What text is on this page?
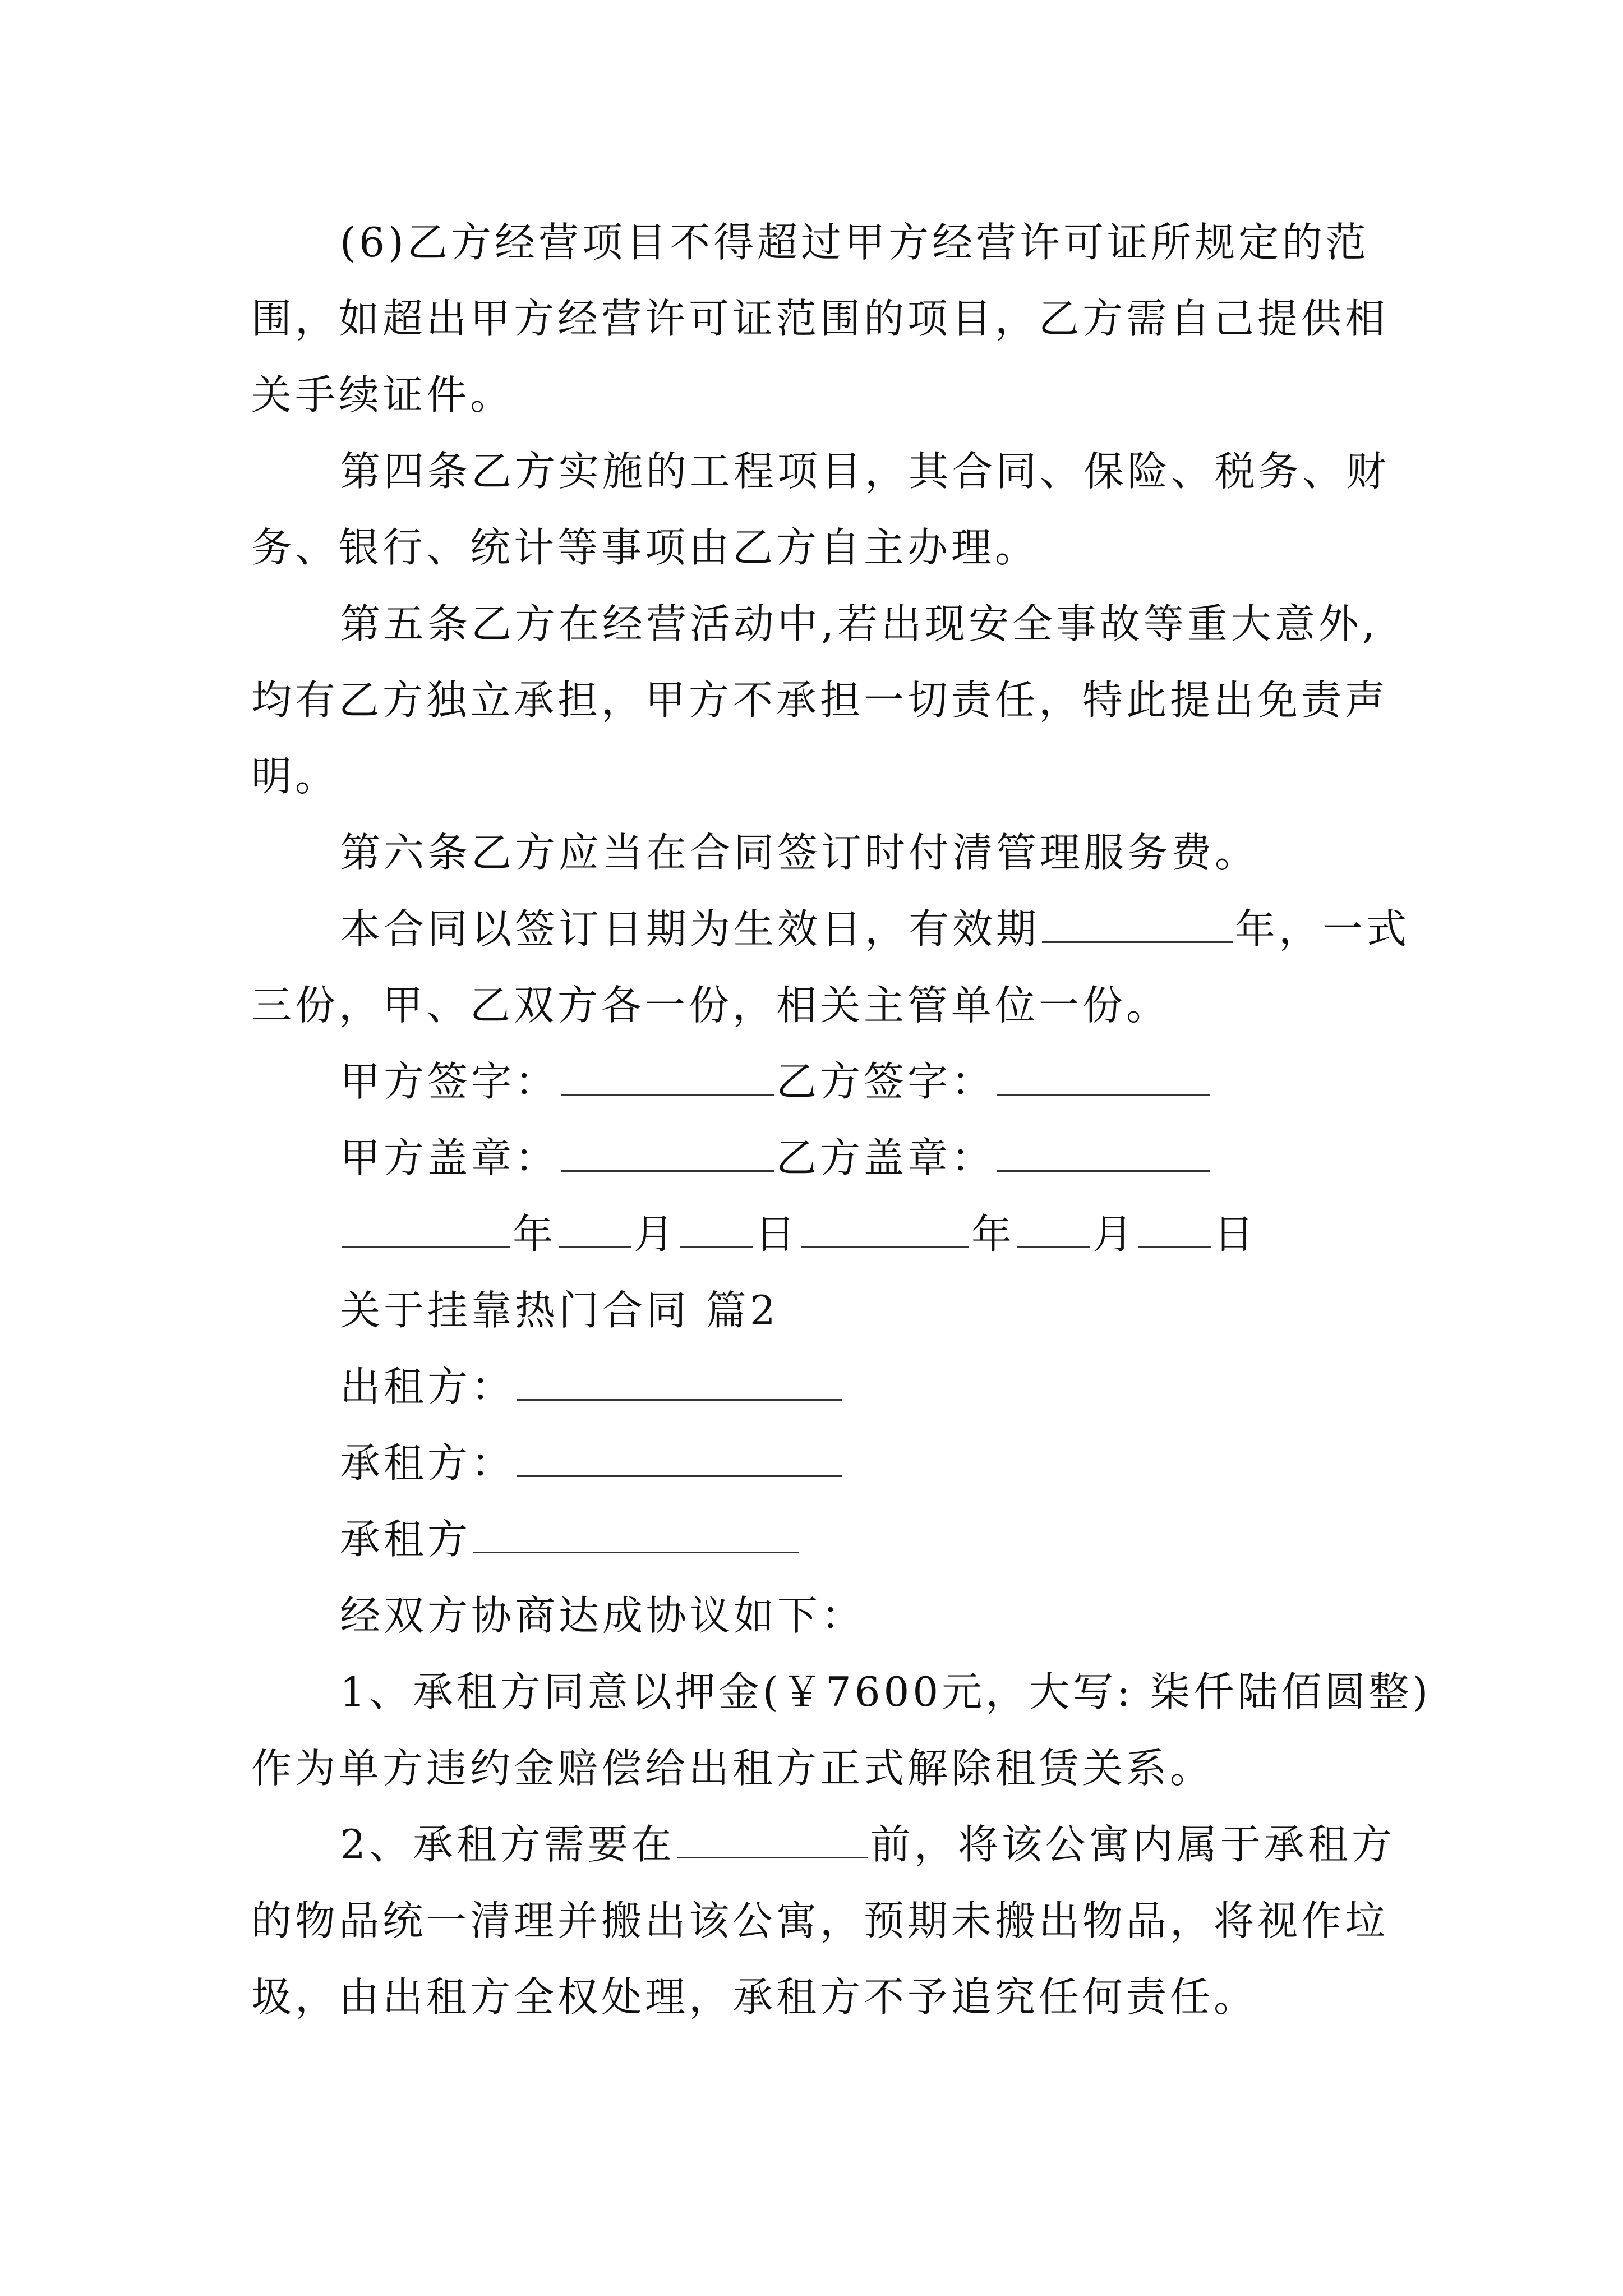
(6)乙方经营项目不得超过甲方经营许可证所规定的范
围，如超出甲方经营许可证范围的项目，乙方需自己提供相
关手续证件。
第四条乙方实施的工程项目，其合同、保险、税务、财
务、银行、统计等事项由乙方自主办理。
第五条乙方在经营活动中,若出现安全事故等重大意外,
均有乙方独立承担，甲方不承担一切责任，特此提出免责声
明。
第六条乙方应当在合同签订时付清管理服务费。
本合同以签订日期为生效日，有效期	年，一式
三份，甲、乙双方各一份，相关主管单位一份。
甲方签字：	乙方签字：
甲方盖章：	乙方盖章：
年 月 日	年 月 日
关于挂靠热门合同 篇2
出租方：
承租方：
承租方
经双方协商达成协议如下：
1、承租方同意以押金(￥7600元，大写: 柒仟陆佰圆整)
作为单方违约金赔偿给出租方正式解除租赁关系。
2、承租方需要在	前，将该公寓内属于承租方
的物品统一清理并搬出该公寓，预期未搬出物品，将视作垃
圾，由出租方全权处理，承租方不予追究任何责任。
